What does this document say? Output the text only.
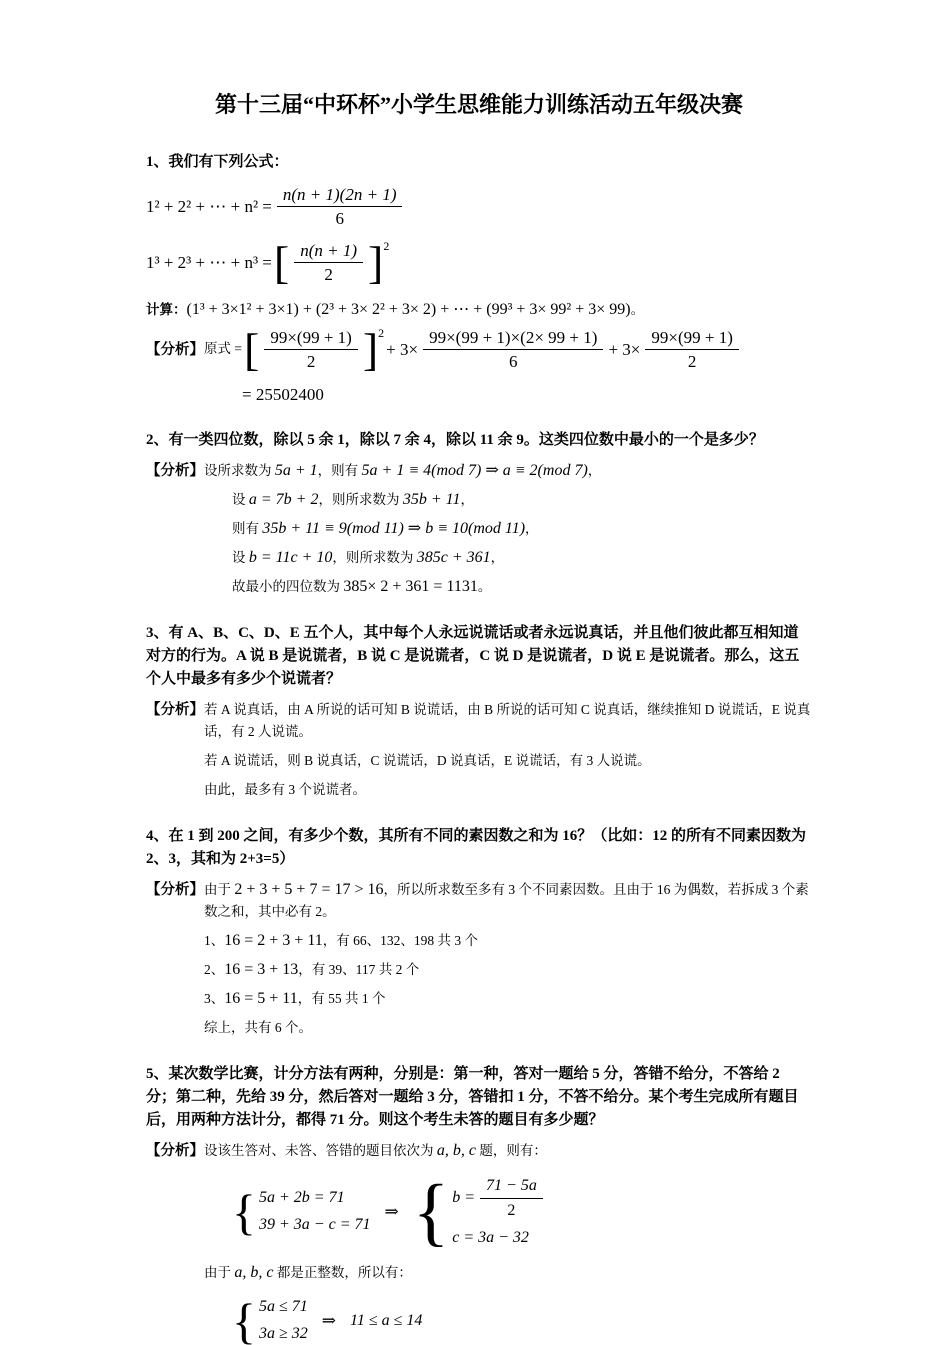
第十三届“中环杯”小学生思维能力训练活动五年级决赛
1、我们有下列公式：
1² + 2² + ⋯ + $n^2 = \frac{n(n + 1)(2n + 1)}{6}$
1³ + 2³ + ⋯ + n³ = [ $\frac{n(n + 1)}{2} ]^2$
计算：(1³ + 3×1² + 3×1) + (2³ + 3× 2² + 3× 2) + ⋯ + (99³ + 3× 99² + 3× 99)。
【分析】 原式 = [ $\frac{99\times(99 + 1)}{2} ]^2$
+ $3\times \frac{99\times(99 + 1)\times(2\times 99 + 1)}{6} + 3\times \frac{99\times(99 + 1)}{2}$
= 25502400
2、有一类四位数，除以 5 余 1，除以 7 余 4，除以 11 余 9。这类四位数中最小的一个是多少？
【分析】 设所求数为 5a + 1，则有 5a + 1 ≡ 4(mod 7) ⇒ a ≡ 2(mod 7)，
设 a = 7b + 2，则所求数为 35b + 11，
则有 35b + 11 ≡ 9(mod 11) ⇒ b ≡ 10(mod 11)，
设 b = 11c + 10，则所求数为 385c + 361，
故最小的四位数为 385× 2 + 361 = 1131。
3、有 A、B、C、D、E 五个人，其中每个人永远说谎话或者永远说真话，并且他们彼此都互相知道对方的行为。A 说 B 是说谎者，B 说 C 是说谎者，C 说 D 是说谎者，D 说 E 是说谎者。那么，这五个人中最多有多少个说谎者？
【分析】 若 A 说真话，由 A 所说的话可知 B 说谎话，由 B 所说的话可知 C 说真话，继续推知 D 说谎话，E 说真话，有 2 人说谎。
若 A 说谎话，则 B 说真话，C 说谎话，D 说真话，E 说谎话，有 3 人说谎。
由此，最多有 3 个说谎者。
4、在 1 到 200 之间，有多少个数，其所有不同的素因数之和为 16？（比如：12 的所有不同素因数为 2、3，其和为 2+3=5）
【分析】 由于 2 + 3 + 5 + 7 = 17 > 16，所以所求数至多有 3 个不同素因数。且由于 16 为偶数，若拆成 3 个素数之和，其中必有 2。
1、16 = 2 + 3 + 11，有 66、132、198 共 3 个
2、16 = 3 + 13，有 39、117 共 2 个
3、16 = 5 + 11，有 55 共 1 个
综上，共有 6 个。
5、某次数学比赛，计分方法有两种，分别是：第一种，答对一题给 5 分，答错不给分，不答给 2 分；第二种，先给 39 分，然后答对一题给 3 分，答错扣 1 分，不答不给分。某个考生完成所有题目后，用两种方法计分，都得 71 分。则这个考生未答的题目有多少题？
【分析】 设该生答对、未答、答错的题目依次为 a, b, c 题，则有：
{ 5a + 2b = 71
39 + 3a − c = 71
⇒ { $b = \frac{71 - 5a}{2}$
c = 3a − 32
由于 a, b, c 都是正整数，所以有：
{ 5a ≤ 71
3a ≥ 32
⇒ 11 ≤ a ≤ 14
